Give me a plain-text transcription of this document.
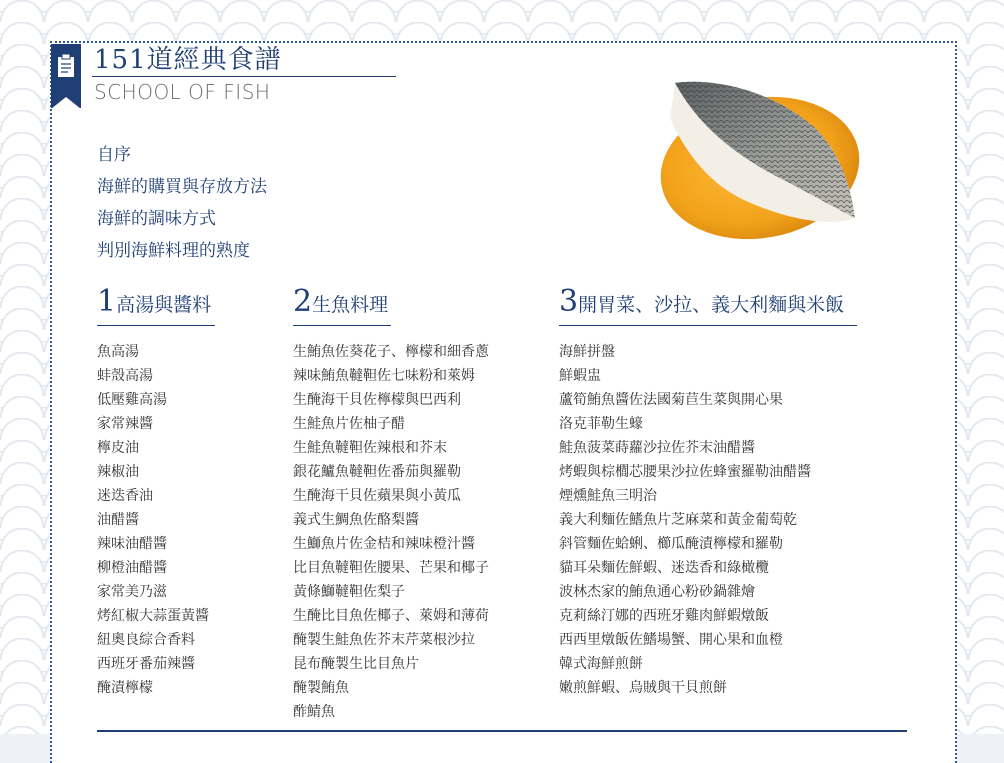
151道經典食譜
SCHOOL OF FISH
自序
海鮮的購買與存放方法
海鮮的調味方式
判別海鮮料理的熟度
1高湯與醬料
魚高湯
蚌殼高湯
低壓雞高湯
家常辣醬
檸皮油
辣椒油
迷迭香油
油醋醬
辣味油醋醬
柳橙油醋醬
家常美乃滋
烤紅椒大蒜蛋黃醬
紐奧良綜合香料
西班牙番茄辣醬
醃漬檸檬
2生魚料理
生鮪魚佐葵花子、檸檬和細香蔥
辣味鮪魚韃靼佐七味粉和萊姆
生醃海干貝佐檸檬與巴西利
生鮭魚片佐柚子醋
生鮭魚韃靼佐辣根和芥末
銀花鱸魚韃靼佐番茄與羅勒
生醃海干貝佐蘋果與小黃瓜
義式生鯛魚佐酪梨醬
生鰤魚片佐金桔和辣味橙汁醬
比目魚韃靼佐腰果、芒果和椰子
黃條鰤韃靼佐梨子
生醃比目魚佐椰子、萊姆和薄荷
醃製生鮭魚佐芥末芹菜根沙拉
昆布醃製生比目魚片
醃製鮪魚
酢鯖魚
3開胃菜、沙拉、義大利麵與米飯
海鮮拼盤
鮮蝦盅
蘆筍鮪魚醬佐法國菊苣生菜與開心果
洛克菲勒生蠔
鮭魚菠菜蒔蘿沙拉佐芥末油醋醬
烤蝦與棕櫚芯腰果沙拉佐蜂蜜羅勒油醋醬
煙燻鮭魚三明治
義大利麵佐鰭魚片芝麻菜和黃金葡萄乾
斜管麵佐蛤蜊、櫛瓜醃漬檸檬和羅勒
貓耳朵麵佐鮮蝦、迷迭香和綠橄欖
波林杰家的鮪魚通心粉砂鍋雜燴
克莉絲汀娜的西班牙雞肉鮮蝦燉飯
西西里燉飯佐鰭場蟹、開心果和血橙
韓式海鮮煎餅
嫩煎鮮蝦、烏賊與干貝煎餅
